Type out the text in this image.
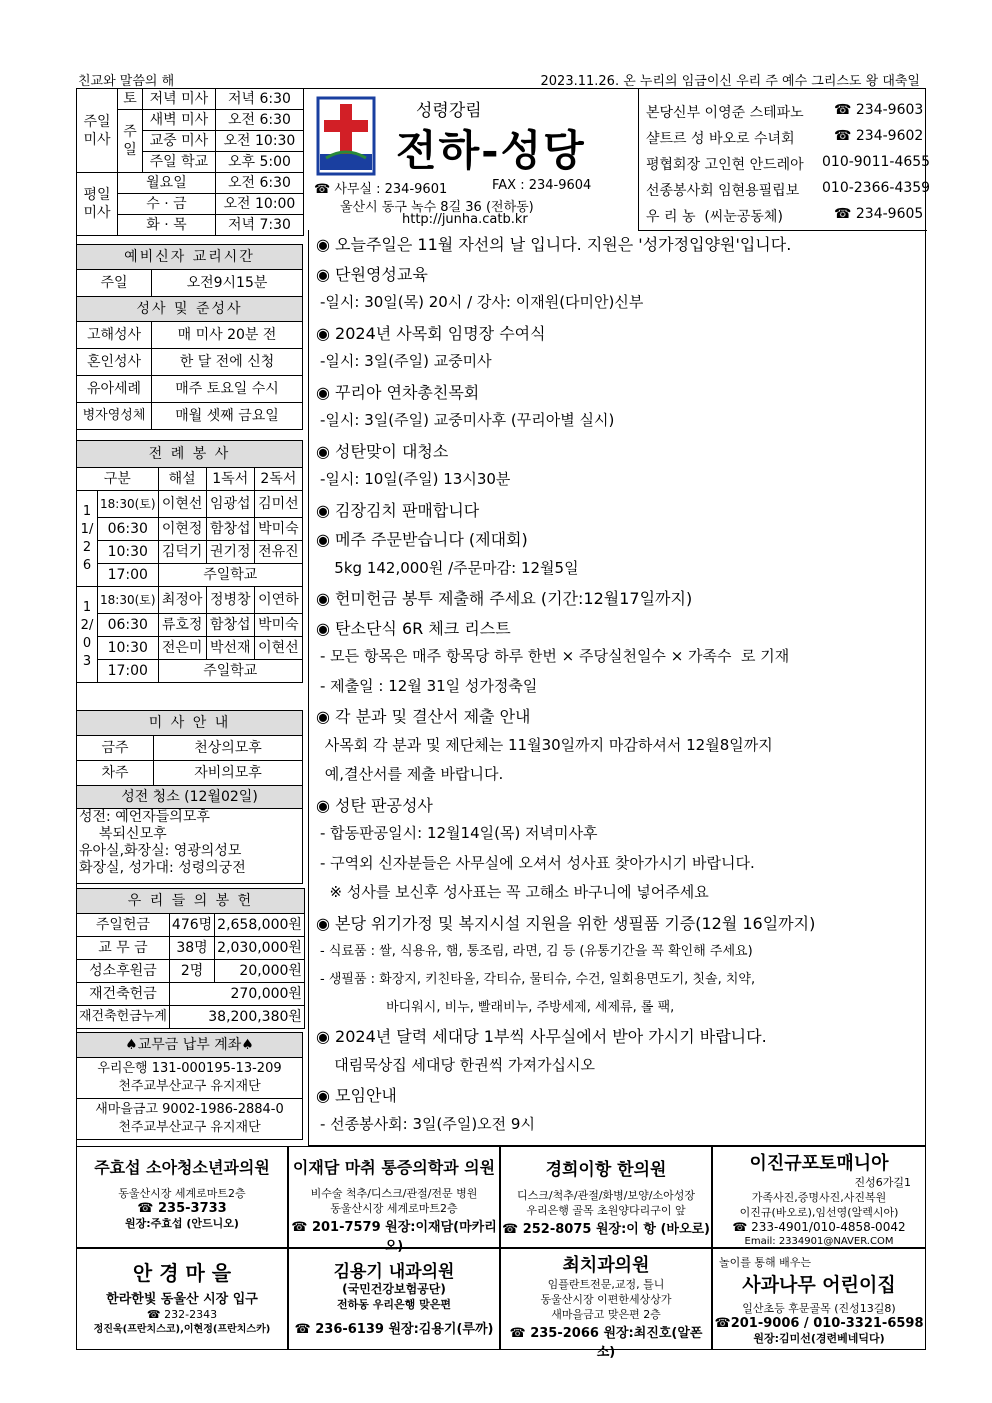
친교와 말씀의 해	2023.11.26. 온 누리의 임금이신 우리 주 예수 그리스도 왕 대축일
주일 미사	토	저녁 미사	저녁 6:30
	주일	새벽 미사	오전 6:30
		교중 미사	오전 10:30
		주일 학교	오후 5:00
평일 미사	월요일		오전 6:30
	수 · 금		오전 10:00
	화 · 목		저녁 7:30
성령강림
전하-성당
☎ 사무실 : 234-9601	FAX : 234-9604
울산시 동구 녹수 8길 36 (전하동)
http://junha.catb.kr
본당신부 이영준 스테파노 ☎ 234-9603
샬트르 성 바오로 수녀회	☎ 234-9602
평협회장 고인현 안드레아 010-9011-4655
선종봉사회 임현용필립보 010-2366-4359
우 리 농  (씨눈공동체)	☎ 234-9605
예비신자 교리시간	
주일	오전9시15분
성사 및 준성사	
고해성사	매 미사 20분 전
혼인성사	한 달 전에 신청
유아세례	매주 토요일 수시
병자영성체	매월 셋째 금요일
전 례 봉 사				
구분		해설	1독서	2독서
11/26	18:30(토)	이현선	임광섭	김미선
	06:30	이현정	함창섭	박미숙
	10:30	김덕기	권기정	전유진
	17:00	주일학교		
12/03	18:30(토)	최정아	정병창	이연하
	06:30	류호정	함창섭	박미숙
	10:30	전은미	박선재	이현선
	17:00	주일학교		
미 사 안 내	
금주	천상의모후
차주	자비의모후
성전 청소 (12월02일)	

성전: 예언자들의모후
복되신모후
유아실,화장실: 영광의성모
화장실, 성가대: 성령의궁전	
우 리 들 의 봉 헌		
주일헌금	476명	2,658,000원
교 무 금	38명	2,030,000원
성소후원금	2명	20,000원
재건축헌금	270,000원	
재건축헌금누계	38,200,380원	
♠교무금 납부 계좌♠

우리은행 131-000195-13-209
천주교부산교구 유지재단

새마을금고 9002-1986-2884-0
천주교부산교구 유지재단
◉ 오늘주일은 11월 자선의 날 입니다. 지원은 '성가정입양원'입니다.
◉ 단원영성교육
-일시: 30일(목) 20시 / 강사: 이재원(다미안)신부
◉ 2024년 사목회 임명장 수여식
-일시: 3일(주일) 교중미사
◉ 꾸리아 연차총친목회
-일시: 3일(주일) 교중미사후 (꾸리아별 실시)
◉ 성탄맞이 대청소
-일시: 10일(주일) 13시30분
◉ 김장김치 판매합니다
◉ 메주 주문받습니다 (제대회)
5kg 142,000원 /주문마감: 12월5일
◉ 헌미헌금 봉투 제출해 주세요 (기간:12월17일까지)
◉ 탄소단식 6R 체크 리스트
- 모든 항목은 매주 항목당 하루 한번 × 주당실천일수 × 가족수  로 기재
- 제출일 : 12월 31일 성가정축일
◉ 각 분과 및 결산서 제출 안내
사목회 각 분과 및 제단체는 11월30일까지 마감하셔서 12월8일까지
예,결산서를 제출 바랍니다.
◉ 성탄 판공성사
- 합동판공일시: 12월14일(목) 저녁미사후
- 구역외 신자분들은 사무실에 오셔서 성사표 찾아가시기 바랍니다.
※ 성사를 보신후 성사표는 꼭 고해소 바구니에 넣어주세요
◉ 본당 위기가정 및 복지시설 지원을 위한 생필품 기증(12월 16일까지)
- 식료품 : 쌀, 식용유, 햄, 통조림, 라면, 김 등 (유통기간을 꼭 확인해 주세요)
- 생필품 : 화장지, 키친타올, 각티슈, 물티슈, 수건, 일회용면도기, 칫솔, 치약,
바디워시, 비누, 빨래비누, 주방세제, 세제류, 롤 팩,
◉ 2024년 달력 세대당 1부씩 사무실에서 받아 가시기 바랍니다.
대림묵상집 세대당 한권씩 가져가십시오
◉ 모임안내
- 선종봉사회: 3일(주일)오전 9시
주효섭 소아청소년과의원
동울산시장 세계로마트2층
☎ 235-3733
원장:주효섭 (안드니오)
이재담 마취 통증의학과 의원
비수술 척추/디스크/관절/전문 병원
동울산시장 세계로마트2층
☎ 201-7579 원장:이재담(마카리오)
경희이항 한의원
디스크/척추/관절/화병/보양/소아성장
우리은행 골목 초원양다리구이 앞
☎ 252-8075 원장:이 항 (바오로)
이진규포토매니아
진성6가길1
가족사진,증명사진,사진복원
이진규(바오로),임선영(알렉시아)
☎ 233-4901/010-4858-0042
Email: 2334901@NAVER.COM
안 경 마 을
한라한빛 동울산 시장 입구
☎ 232-2343
정진욱(프란치스코),이현정(프란치스카)
김용기 내과의원
(국민건강보험공단)
전하동 우리은행 맞은편
☎ 236-6139 원장:김용기(루까)
최치과의원
임플란트전문,교정, 틀니
동울산시장 이편한세상상가
새마을금고 맞은편 2층
☎ 235-2066 원장:최진호(알폰소)
놀이를 통해 배우는
사과나무 어린이집
일산초등 후문골목 (진성13길8)
☎201-9006 / 010-3321-6598
원장:김미선(경련베네딕다)
